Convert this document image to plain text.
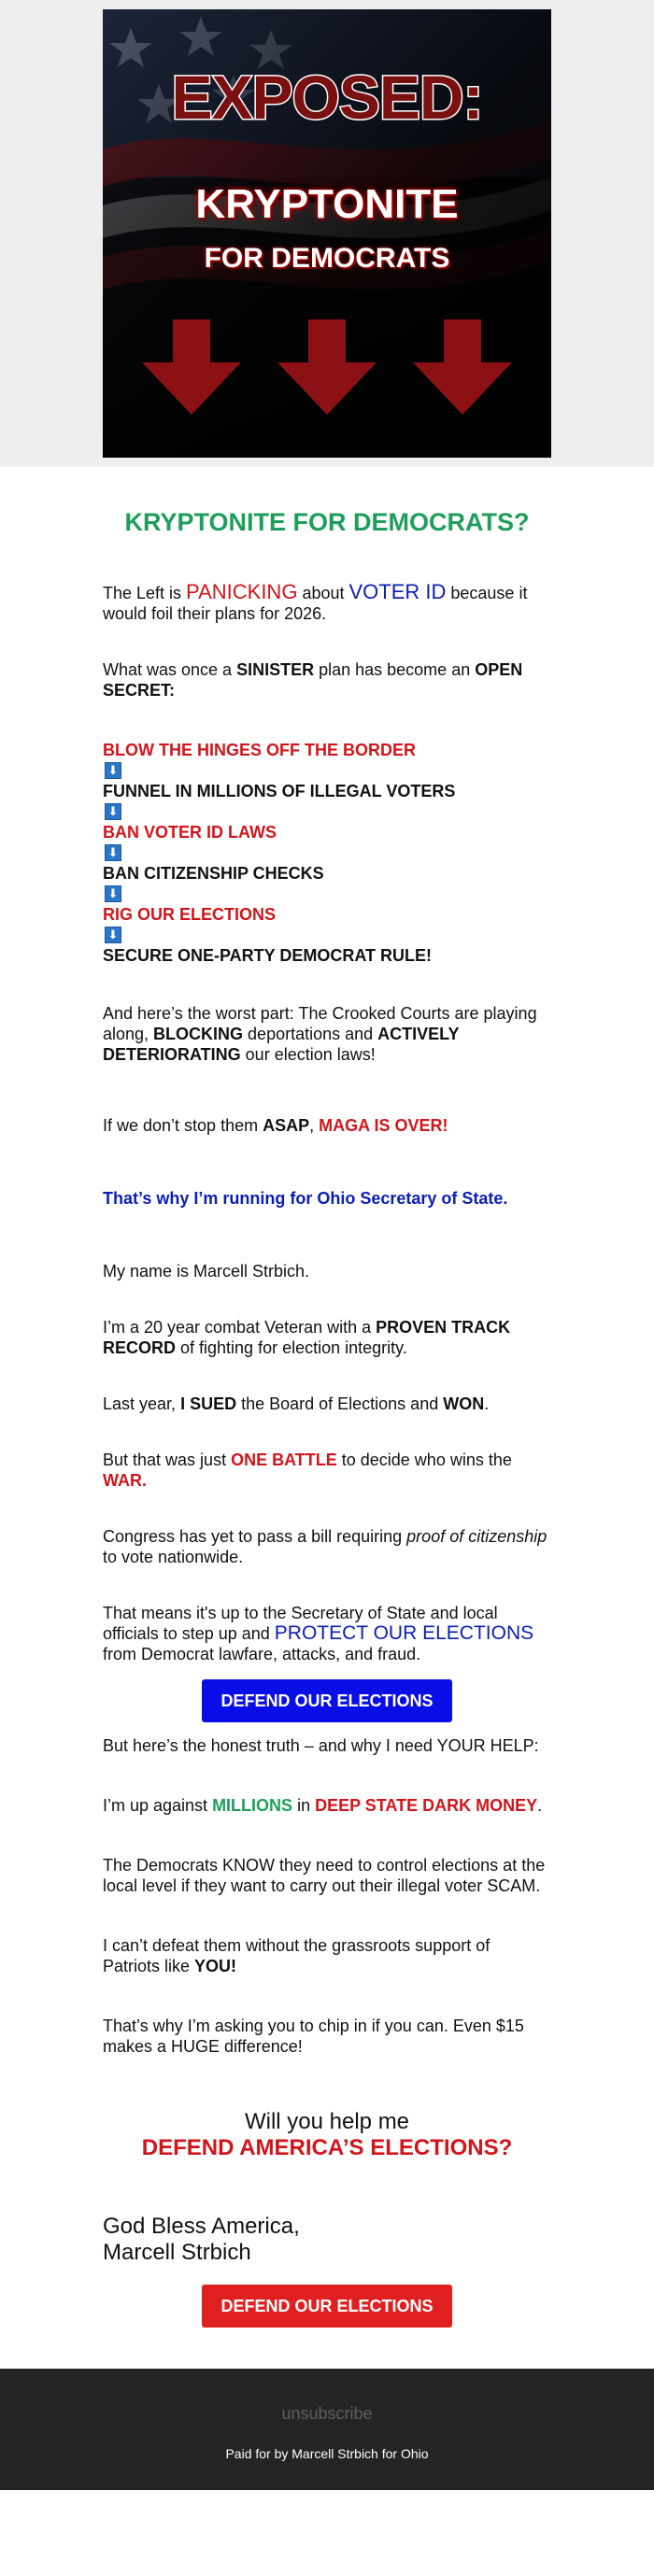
EXPOSED:
KRYPTONITE
FOR DEMOCRATS
KRYPTONITE FOR DEMOCRATS?
The Left is PANICKING about VOTER ID because it would foil their plans for 2026.
What was once a SINISTER plan has become an OPEN SECRET:
BLOW THE HINGES OFF THE BORDER
⬇
FUNNEL IN MILLIONS OF ILLEGAL VOTERS
⬇
BAN VOTER ID LAWS
⬇
BAN CITIZENSHIP CHECKS
⬇
RIG OUR ELECTIONS
⬇
SECURE ONE-PARTY DEMOCRAT RULE!
And here’s the worst part: The Crooked Courts are playing along, BLOCKING deportations and ACTIVELY DETERIORATING our election laws!
If we don’t stop them ASAP, MAGA IS OVER!
That’s why I’m running for Ohio Secretary of State.
My name is Marcell Strbich.
I’m a 20 year combat Veteran with a PROVEN TRACK RECORD of fighting for election integrity.
Last year, I SUED the Board of Elections and WON.
But that was just ONE BATTLE to decide who wins the WAR.
Congress has yet to pass a bill requiring proof of citizenship to vote nationwide.
That means it's up to the Secretary of State and local officials to step up and PROTECT OUR ELECTIONS from Democrat lawfare, attacks, and fraud.
DEFEND OUR ELECTIONS
But here’s the honest truth – and why I need YOUR HELP:
I’m up against MILLIONS in DEEP STATE DARK MONEY.
The Democrats KNOW they need to control elections at the local level if they want to carry out their illegal voter SCAM.
I can’t defeat them without the grassroots support of Patriots like YOU!
That’s why I’m asking you to chip in if you can. Even $15 makes a HUGE difference!
Will you help me
DEFEND AMERICA’S ELECTIONS?
God Bless America,
Marcell Strbich
DEFEND OUR ELECTIONS
unsubscribe
Paid for by Marcell Strbich for Ohio
